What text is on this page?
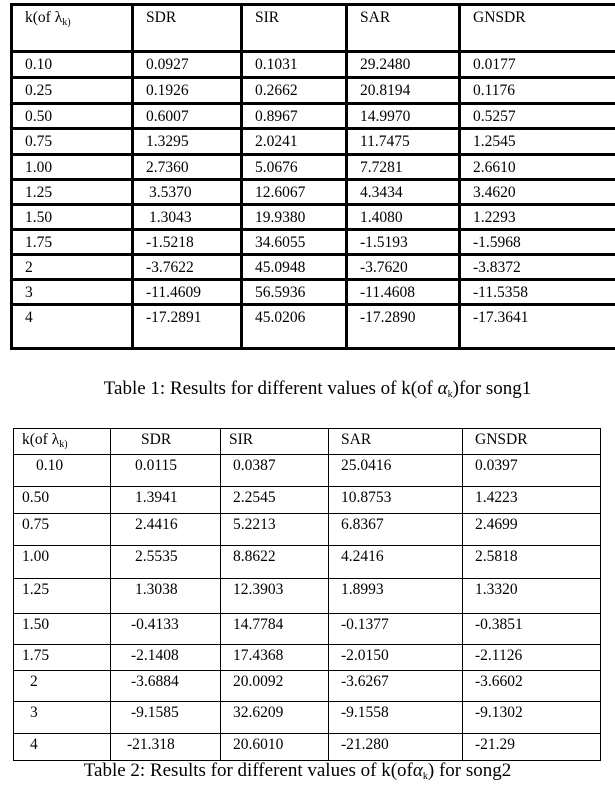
k(of $\lambda_{k)}$	SDR	SIR	SAR	GNSDR
0.10	0.0927	0.1031	29.2480	0.0177
0.25	0.1926	0.2662	20.8194	0.1176
0.50	0.6007	0.8967	14.9970	0.5257
0.75	1.3295	2.0241	11.7475	1.2545
1.00	2.7360	5.0676	7.7281	2.6610
1.25	3.5370	12.6067	4.3434	3.4620
1.50	1.3043	19.9380	1.4080	1.2293
1.75	-1.5218	34.6055	-1.5193	-1.5968
2	-3.7622	45.0948	-3.7620	-3.8372
3	-11.4609	56.5936	-11.4608	-11.5358
4	-17.2891	45.0206	-17.2890	-17.3641
Table 1: Results for different values of k(of $\alpha_k)for$ song1
k(of $\lambda_{k)}$	SDR	SIR	SAR	GNSDR
0.10	0.0115	0.0387	25.0416	0.0397
0.50	1.3941	2.2545	10.8753	1.4223
0.75	2.4416	5.2213	6.8367	2.4699
1.00	2.5535	8.8622	4.2416	2.5818
1.25	1.3038	12.3903	1.8993	1.3320
1.50	-0.4133	14.7784	-0.1377	-0.3851
1.75	-2.1408	17.4368	-2.0150	-2.1126
2	-3.6884	20.0092	-3.6267	-3.6602
3	-9.1585	32.6209	-9.1558	-9.1302
4	-21.318	20.6010	-21.280	-21.29
Table 2: Results for different values of k(ofα$_k$) for song2
